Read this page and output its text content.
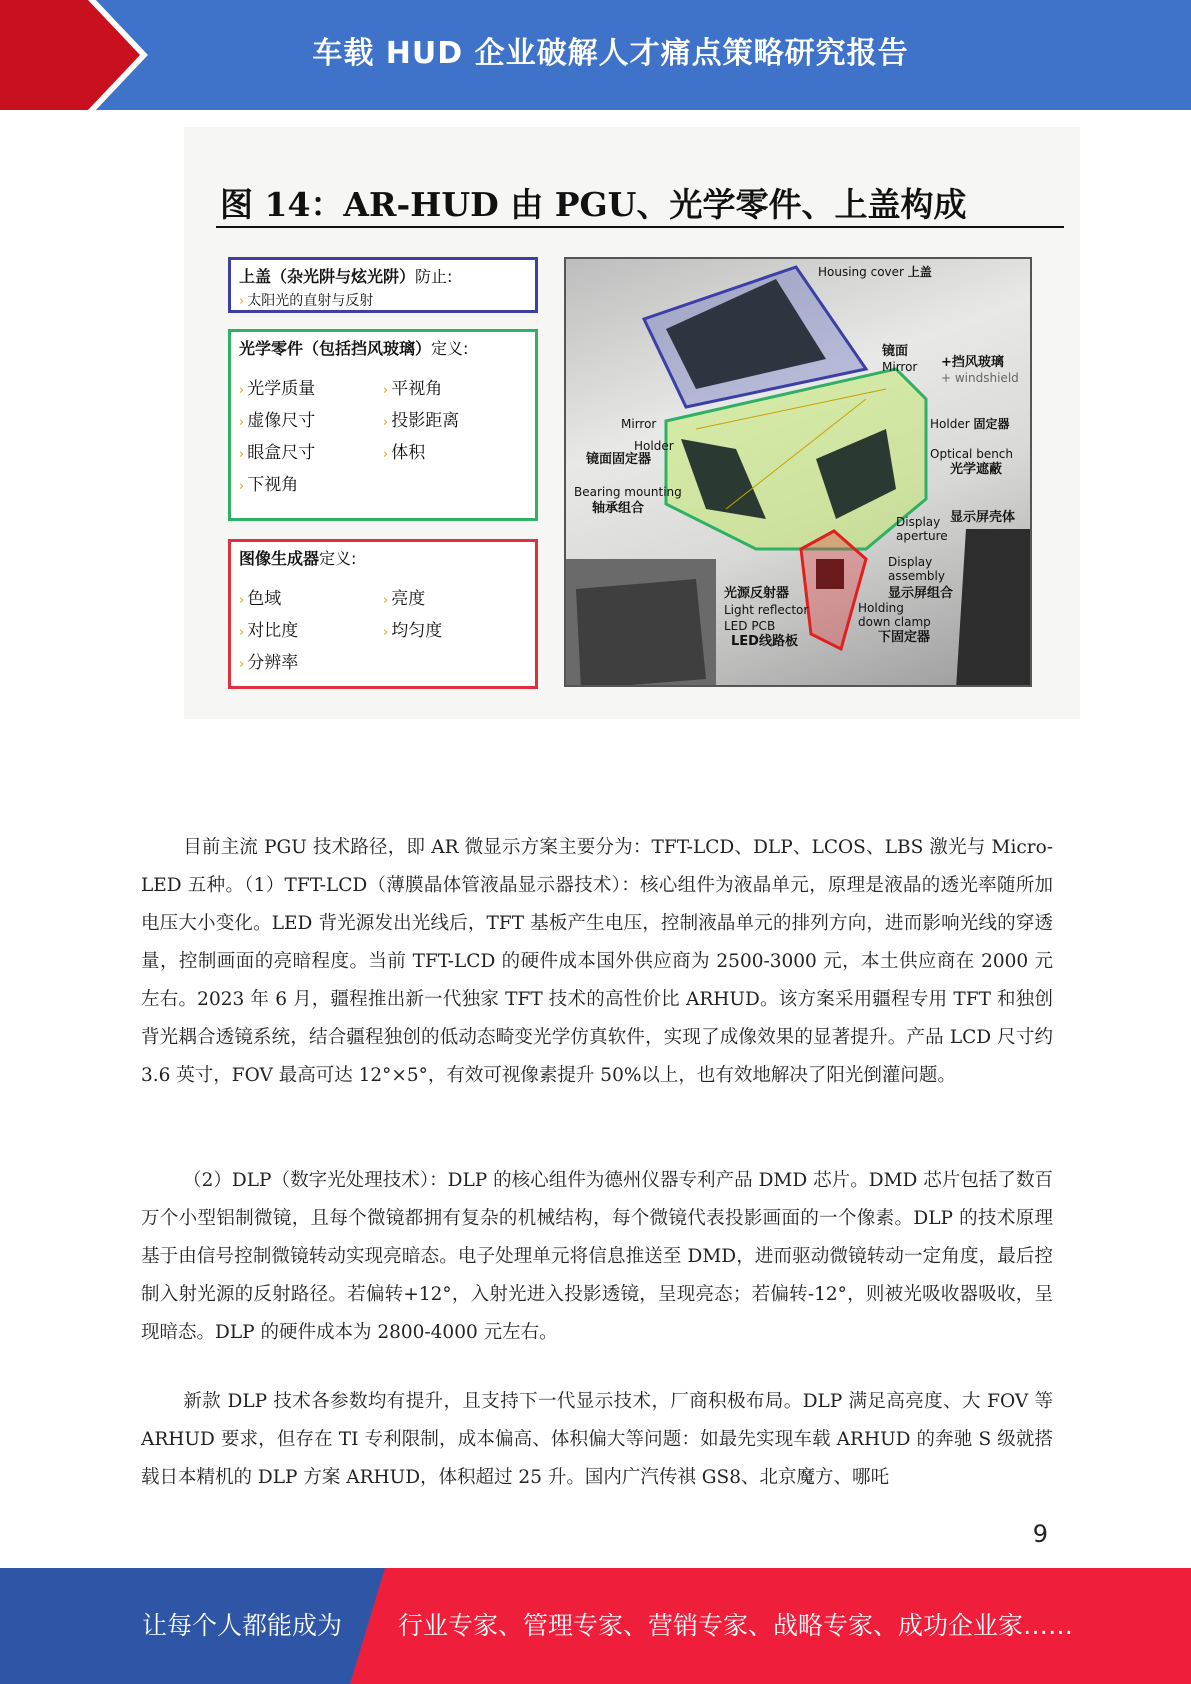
车载 HUD 企业破解人才痛点策略研究报告
图 14：AR-HUD 由 PGU、光学零件、上盖构成
上盖（杂光阱与炫光阱）防止:
› 太阳光的直射与反射
光学零件（包括挡风玻璃）定义:
› 光学质量	› 平视角
› 虚像尺寸	› 投影距离
› 眼盒尺寸	› 体积
› 下视角
图像生成器定义:
› 色域	› 亮度
› 对比度	› 均匀度
› 分辨率
Housing cover 上盖
镜面
Mirror +挡风玻璃
+ windshield
Mirror
Holder
镜面固定器
Holder 固定器
Optical bench
光学遮蔽
Bearing mounting
轴承组合
Display aperture
显示屏壳体
Display assembly
显示屏组合
光源反射器
Light reflector
LED PCB
LED线路板
Holding down clamp
下固定器

目前主流 PGU 技术路径，即 AR 微显示方案主要分为：TFT-LCD、DLP、LCOS、LBS 激光与 Micro-LED 五种。（1）TFT-LCD（薄膜晶体管液晶显示器技术）：核心组件为液晶单元，原理是液晶的透光率随所加电压大小变化。LED 背光源发出光线后，TFT 基板产生电压，控制液晶单元的排列方向，进而影响光线的穿透量，控制画面的亮暗程度。当前 TFT-LCD 的硬件成本国外供应商为 2500-3000 元，本土供应商在 2000 元左右。2023 年 6 月，疆程推出新一代独家 TFT 技术的高性价比 ARHUD。该方案采用疆程专用 TFT 和独创背光耦合透镜系统，结合疆程独创的低动态畸变光学仿真软件，实现了成像效果的显著提升。产品 LCD 尺寸约 3.6 英寸，FOV 最高可达 12°×5°，有效可视像素提升 50%以上，也有效地解决了阳光倒灌问题。

（2）DLP（数字光处理技术）：DLP 的核心组件为德州仪器专利产品 DMD 芯片。DMD 芯片包括了数百万个小型铝制微镜，且每个微镜都拥有复杂的机械结构，每个微镜代表投影画面的一个像素。DLP 的技术原理基于由信号控制微镜转动实现亮暗态。电子处理单元将信息推送至 DMD，进而驱动微镜转动一定角度，最后控制入射光源的反射路径。若偏转+12°，入射光进入投影透镜，呈现亮态；若偏转-12°，则被光吸收器吸收，呈现暗态。DLP 的硬件成本为 2800-4000 元左右。

新款 DLP 技术各参数均有提升，且支持下一代显示技术，厂商积极布局。DLP 满足高亮度、大 FOV 等 ARHUD 要求，但存在 TI 专利限制，成本偏高、体积偏大等问题：如最先实现车载 ARHUD 的奔驰 S 级就搭载日本精机的 DLP 方案 ARHUD，体积超过 25 升。国内广汽传祺 GS8、北京魔方、哪吒

9
让每个人都能成为 行业专家、管理专家、营销专家、战略专家、成功企业家……
